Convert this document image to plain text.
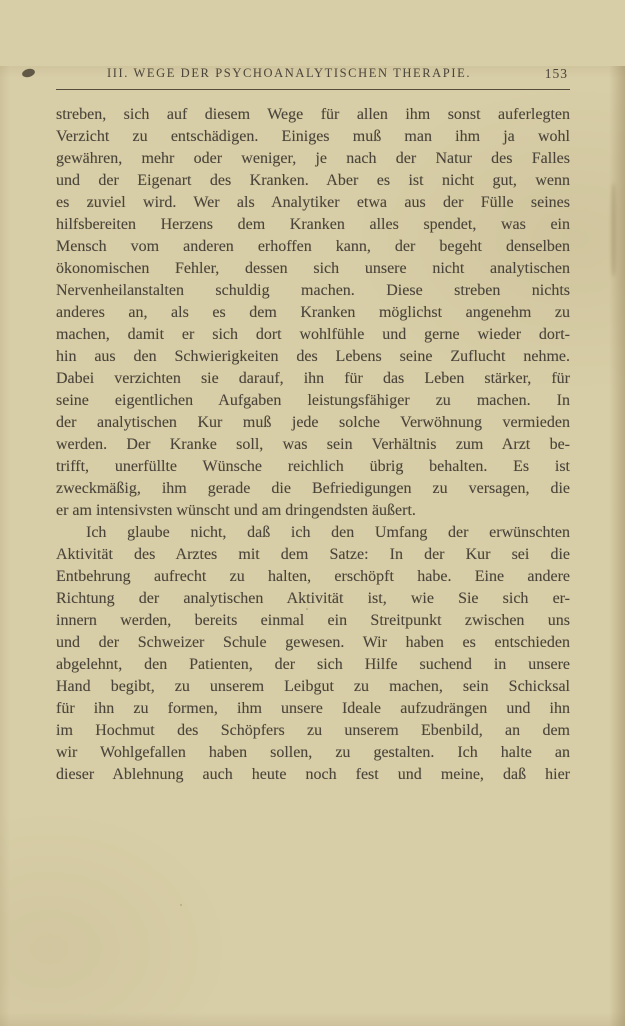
III. WEGE DER PSYCHOANALYTISCHEN THERAPIE.	153
streben, sich auf diesem Wege für allen ihm sonst auferlegten
Verzicht zu entschädigen. Einiges muß man ihm ja wohl
gewähren, mehr oder weniger, je nach der Natur des Falles
und der Eigenart des Kranken. Aber es ist nicht gut, wenn
es zuviel wird. Wer als Analytiker etwa aus der Fülle seines
hilfsbereiten Herzens dem Kranken alles spendet, was ein
Mensch vom anderen erhoffen kann, der begeht denselben
ökonomischen Fehler, dessen sich unsere nicht analytischen
Nervenheilanstalten schuldig machen. Diese streben nichts
anderes an, als es dem Kranken möglichst angenehm zu
machen, damit er sich dort wohlfühle und gerne wieder dort-
hin aus den Schwierigkeiten des Lebens seine Zuflucht nehme.
Dabei verzichten sie darauf, ihn für das Leben stärker, für
seine eigentlichen Aufgaben leistungsfähiger zu machen. In
der analytischen Kur muß jede solche Verwöhnung vermieden
werden. Der Kranke soll, was sein Verhältnis zum Arzt be-
trifft, unerfüllte Wünsche reichlich übrig behalten. Es ist
zweckmäßig, ihm gerade die Befriedigungen zu versagen, die
er am intensivsten wünscht und am dringendsten äußert.
Ich glaube nicht, daß ich den Umfang der erwünschten
Aktivität des Arztes mit dem Satze: In der Kur sei die
Entbehrung aufrecht zu halten, erschöpft habe. Eine andere
Richtung der analytischen Aktivität ist, wie Sie sich er-
innern werden, bereits einmal ein Streitpunkt zwischen uns
und der Schweizer Schule gewesen. Wir haben es entschieden
abgelehnt, den Patienten, der sich Hilfe suchend in unsere
Hand begibt, zu unserem Leibgut zu machen, sein Schicksal
für ihn zu formen, ihm unsere Ideale aufzudrängen und ihn
im Hochmut des Schöpfers zu unserem Ebenbild, an dem
wir Wohlgefallen haben sollen, zu gestalten. Ich halte an
dieser Ablehnung auch heute noch fest und meine, daß hier
